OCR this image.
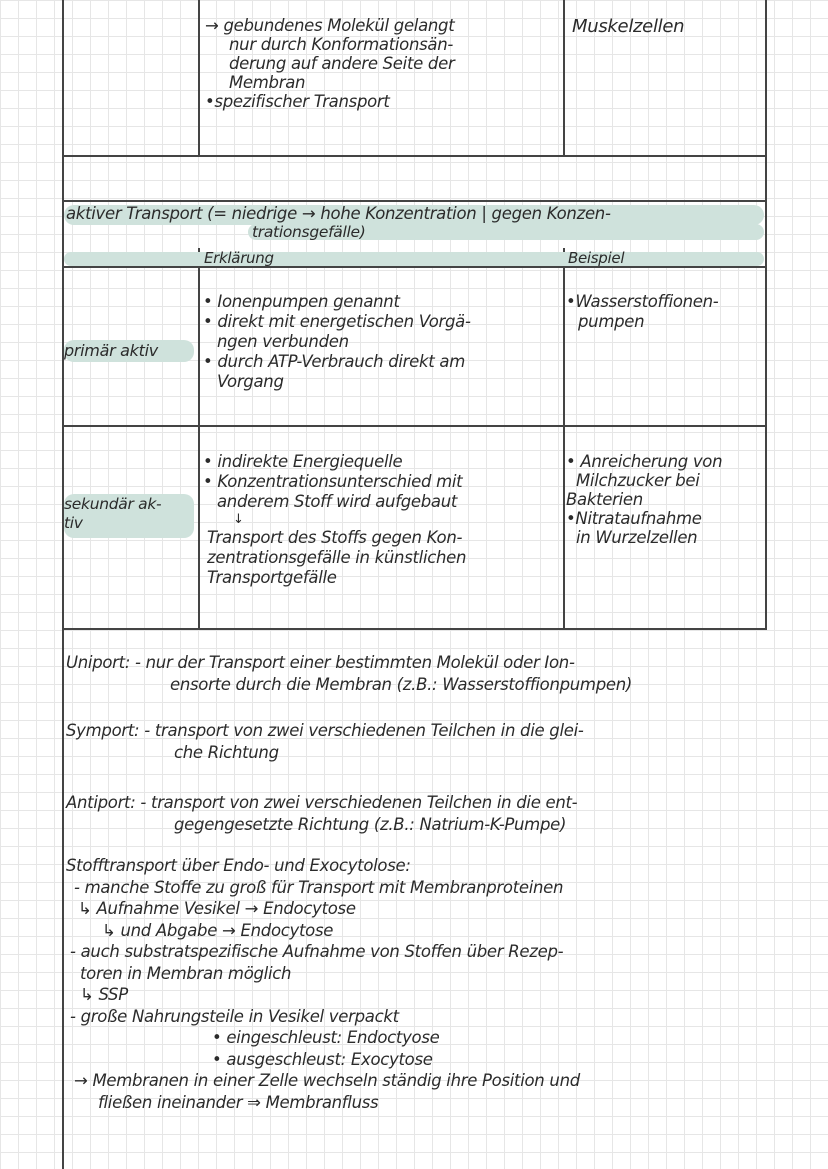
→ gebundenes Molekül gelangt
nur durch Konformationsän-
derung auf andere Seite der
Membran
•spezifischer Transport
Muskelzellen
aktiver Transport (= niedrige → hohe Konzentration | gegen Konzen-
trationsgefälle)
Erklärung	Beispiel
primär aktiv
• Ionenpumpen genannt
• direkt mit energetischen Vorgä-
ngen verbunden
• durch ATP-Verbrauch direkt am
Vorgang
•Wasserstoffionen-
pumpen
sekundär ak-
tiv
• indirekte Energiequelle
• Konzentrationsunterschied mit
anderem Stoff wird aufgebaut
↓
Transport des Stoffs gegen Kon-
zentrationsgefälle in künstlichen
Transportgefälle
• Anreicherung von
Milchzucker bei
Bakterien
•Nitrataufnahme
in Wurzelzellen
Uniport: - nur der Transport einer bestimmten Molekül oder Ion-
ensorte durch die Membran (z.B.: Wasserstoffionpumpen)
Symport: - transport von zwei verschiedenen Teilchen in die glei-
che Richtung
Antiport: - transport von zwei verschiedenen Teilchen in die ent-
gegengesetzte Richtung (z.B.: Natrium-K-Pumpe)
Stofftransport über Endo- und Exocytolose:
- manche Stoffe zu groß für Transport mit Membranproteinen
↳ Aufnahme Vesikel → Endocytose
↳ und Abgabe → Endocytose
- auch substratspezifische Aufnahme von Stoffen über Rezep-
toren in Membran möglich
↳ SSP
- große Nahrungsteile in Vesikel verpackt
• eingeschleust: Endoctyose
• ausgeschleust: Exocytose
→ Membranen in einer Zelle wechseln ständig ihre Position und
fließen ineinander ⇒ Membranfluss
